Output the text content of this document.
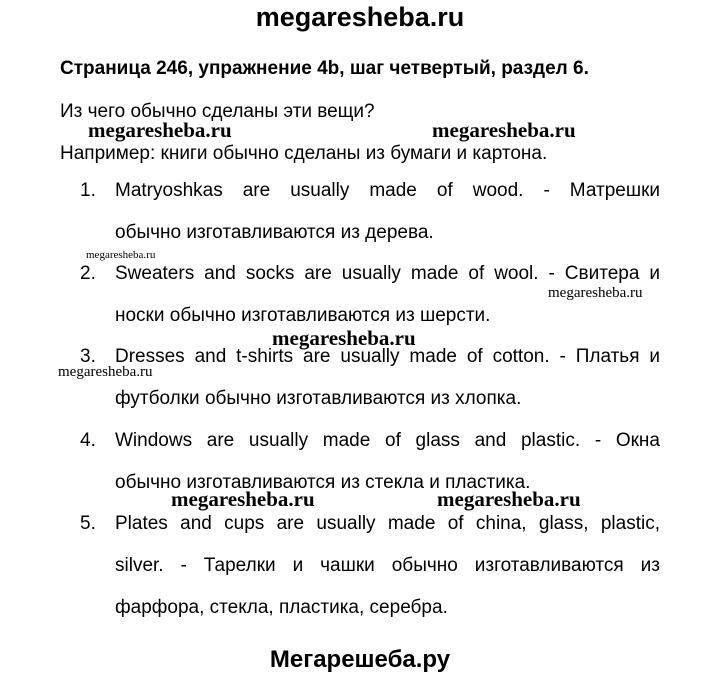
megaresheba.ru
Страница 246, упражнение 4b, шаг четвертый, раздел 6.
Из чего обычно сделаны эти вещи?
megaresheba.ru	megaresheba.ru
Например: книги обычно сделаны из бумаги и картона.
1.	Matryoshkas are usually made of wood. - Матрешки
обычно изготавливаются из дерева.
megaresheba.ru
2.	Sweaters and socks are usually made of wool. - Свитера и
носки обычно изготавливаются из шерсти.
megaresheba.ru
megaresheba.ru
3.	Dresses and t-shirts are usually made of cotton. - Платья и
футболки обычно изготавливаются из хлопка.
megaresheba.ru
4.	Windows are usually made of glass and plastic. - Окна
обычно изготавливаются из стекла и пластика.
megaresheba.ru	megaresheba.ru
5.	Plates and cups are usually made of china, glass, plastic,
silver. - Тарелки и чашки обычно изготавливаются из
фарфора, стекла, пластика, серебра.
Мегарешеба.ру
